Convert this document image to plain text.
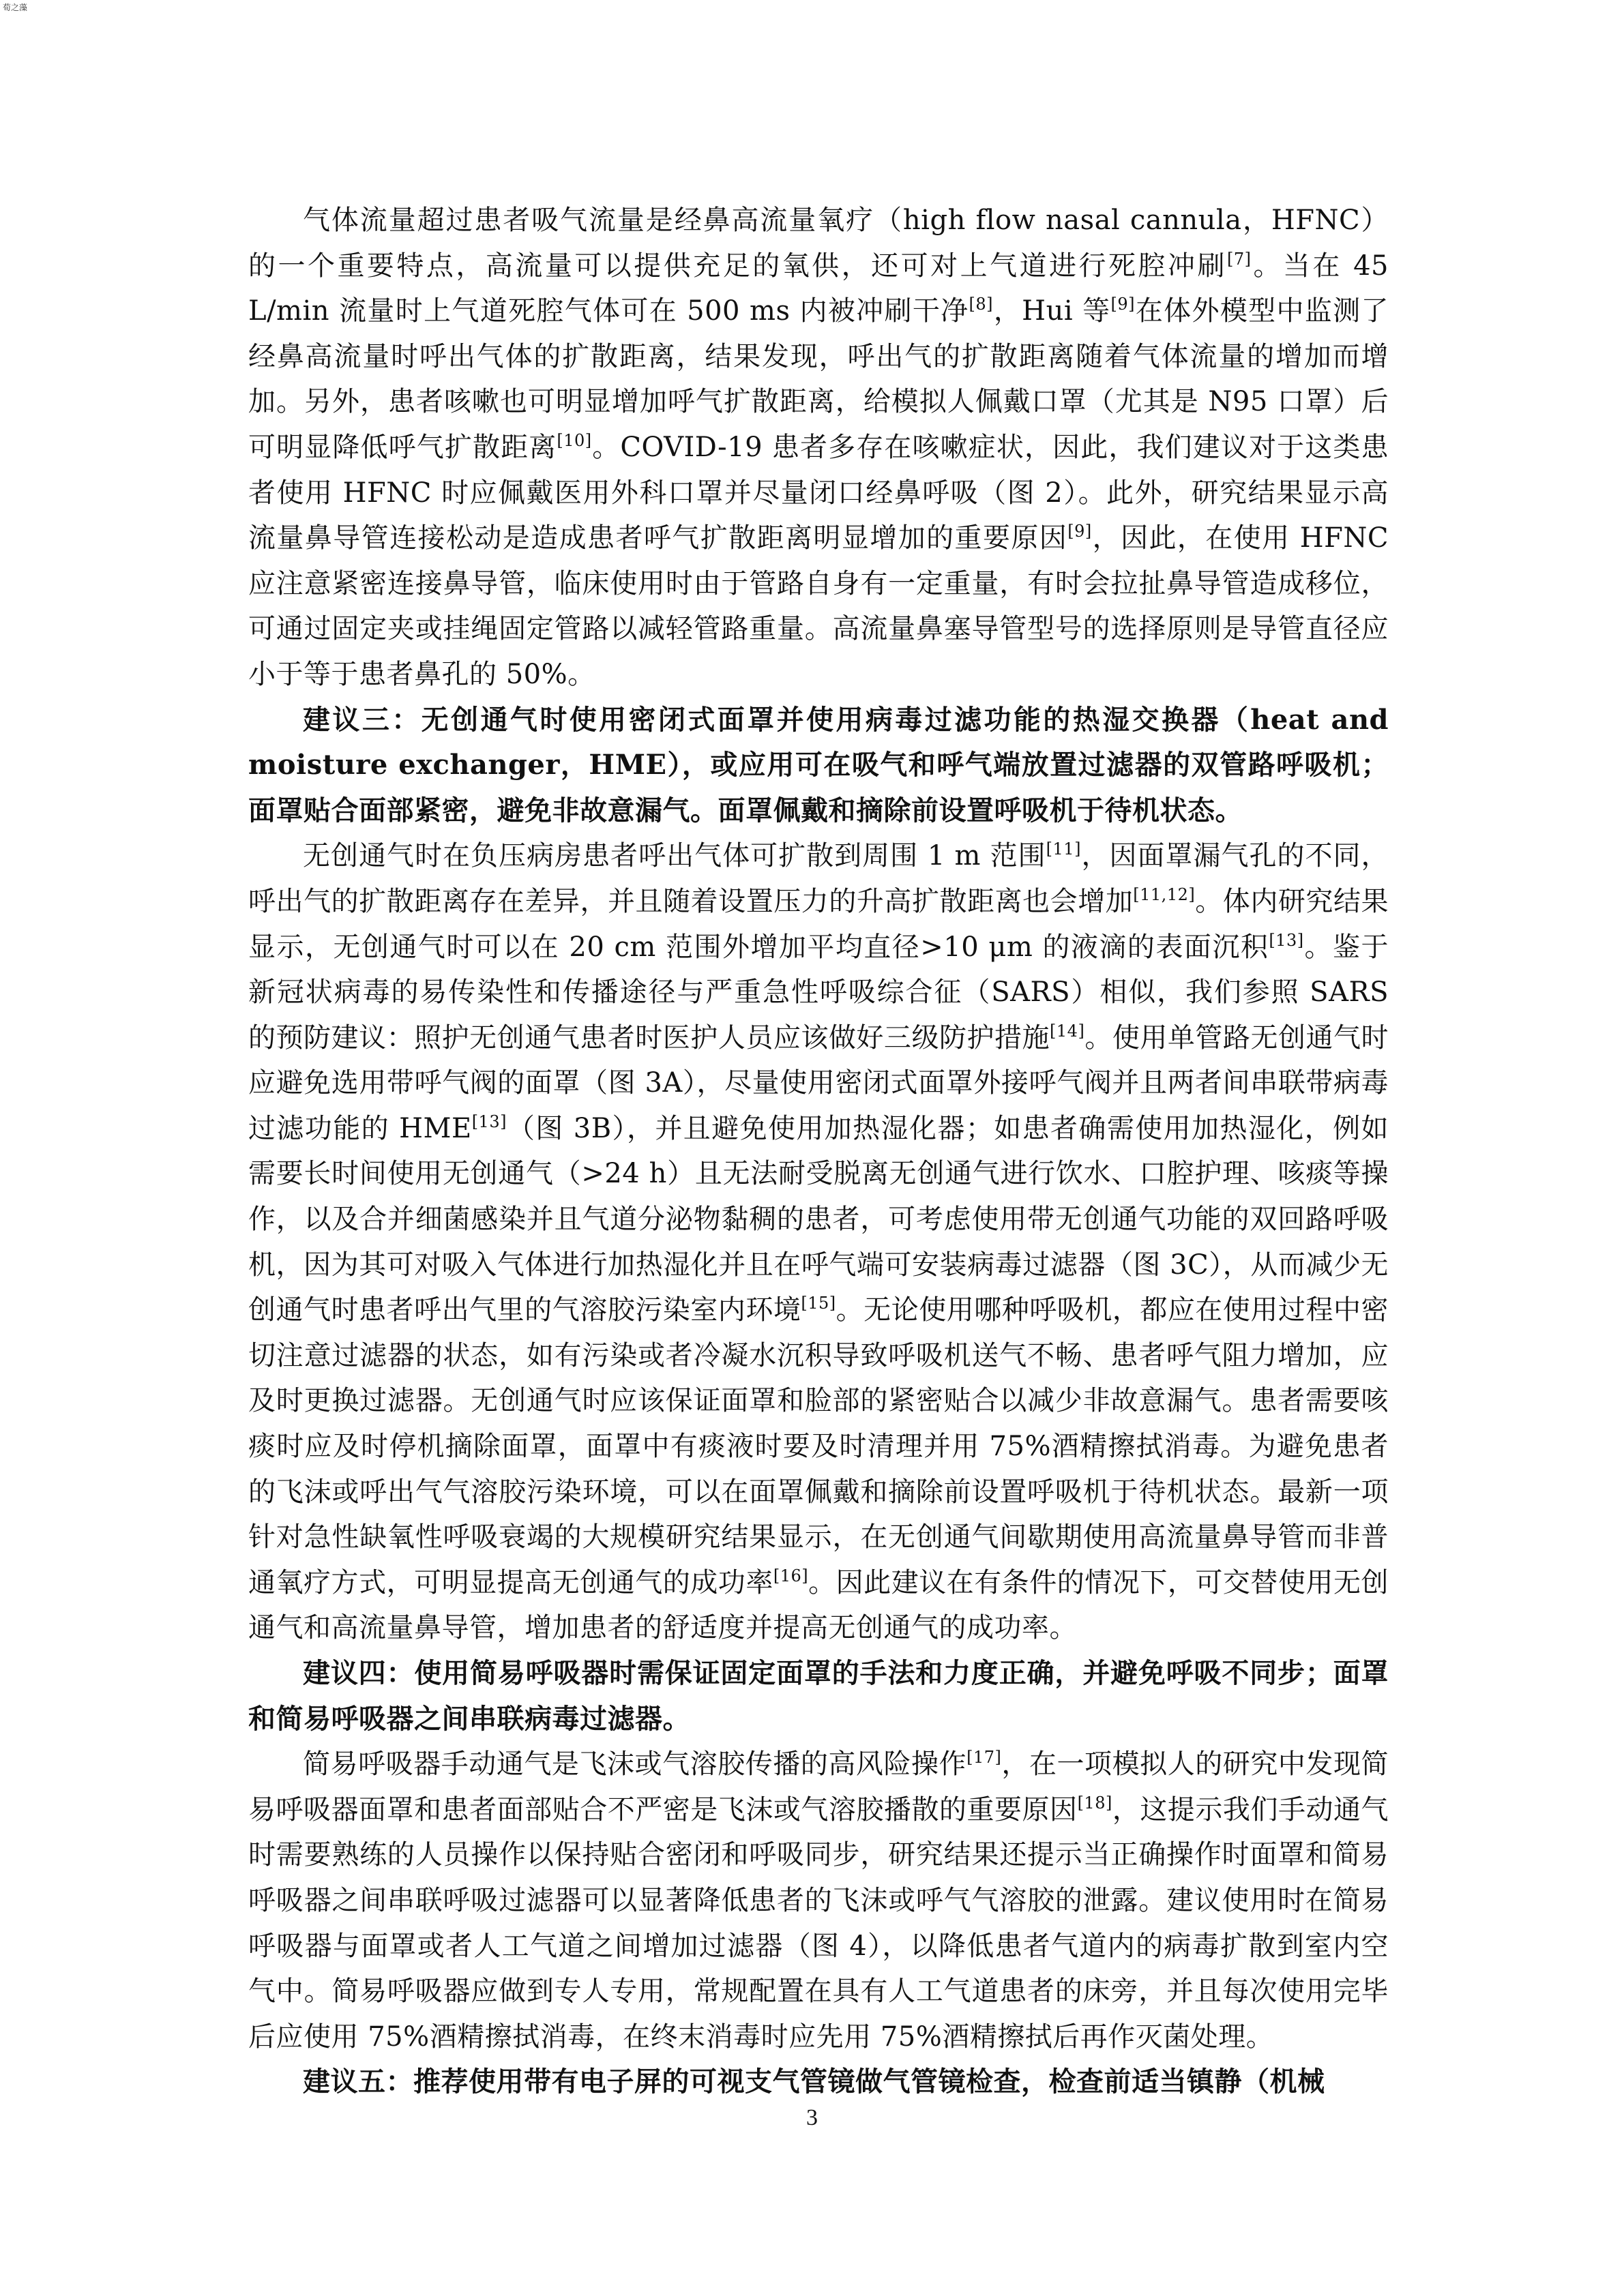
荀之藻

气体流量超过患者吸气流量是经鼻高流量氧疗（high flow nasal cannula，HFNC）的一个重要特点，高流量可以提供充足的氧供，还可对上气道进行死腔冲刷[7]。当在 45 L/min 流量时上气道死腔气体可在 500 ms 内被冲刷干净[8]，Hui 等[9]在体外模型中监测了经鼻高流量时呼出气体的扩散距离，结果发现，呼出气的扩散距离随着气体流量的增加而增加。另外，患者咳嗽也可明显增加呼气扩散距离，给模拟人佩戴口罩（尤其是 N95 口罩）后可明显降低呼气扩散距离[10]。COVID-19 患者多存在咳嗽症状，因此，我们建议对于这类患者使用 HFNC 时应佩戴医用外科口罩并尽量闭口经鼻呼吸（图 2）。此外，研究结果显示高流量鼻导管连接松动是造成患者呼气扩散距离明显增加的重要原因[9]，因此，在使用 HFNC 应注意紧密连接鼻导管，临床使用时由于管路自身有一定重量，有时会拉扯鼻导管造成移位，可通过固定夹或挂绳固定管路以减轻管路重量。高流量鼻塞导管型号的选择原则是导管直径应小于等于患者鼻孔的 50%。

建议三：无创通气时使用密闭式面罩并使用病毒过滤功能的热湿交换器（heat and moisture exchanger，HME），或应用可在吸气和呼气端放置过滤器的双管路呼吸机；面罩贴合面部紧密，避免非故意漏气。面罩佩戴和摘除前设置呼吸机于待机状态。

无创通气时在负压病房患者呼出气体可扩散到周围 1 m 范围[11]，因面罩漏气孔的不同，呼出气的扩散距离存在差异，并且随着设置压力的升高扩散距离也会增加[11,12]。体内研究结果显示，无创通气时可以在 20 cm 范围外增加平均直径>10 μm 的液滴的表面沉积[13]。鉴于新冠状病毒的易传染性和传播途径与严重急性呼吸综合征（SARS）相似，我们参照 SARS 的预防建议：照护无创通气患者时医护人员应该做好三级防护措施[14]。使用单管路无创通气时应避免选用带呼气阀的面罩（图 3A），尽量使用密闭式面罩外接呼气阀并且两者间串联带病毒过滤功能的 HME[13]（图 3B），并且避免使用加热湿化器；如患者确需使用加热湿化，例如需要长时间使用无创通气（>24 h）且无法耐受脱离无创通气进行饮水、口腔护理、咳痰等操作，以及合并细菌感染并且气道分泌物黏稠的患者，可考虑使用带无创通气功能的双回路呼吸机，因为其可对吸入气体进行加热湿化并且在呼气端可安装病毒过滤器（图 3C），从而减少无创通气时患者呼出气里的气溶胶污染室内环境[15]。无论使用哪种呼吸机，都应在使用过程中密切注意过滤器的状态，如有污染或者冷凝水沉积导致呼吸机送气不畅、患者呼气阻力增加，应及时更换过滤器。无创通气时应该保证面罩和脸部的紧密贴合以减少非故意漏气。患者需要咳痰时应及时停机摘除面罩，面罩中有痰液时要及时清理并用 75%酒精擦拭消毒。为避免患者的飞沫或呼出气气溶胶污染环境，可以在面罩佩戴和摘除前设置呼吸机于待机状态。最新一项针对急性缺氧性呼吸衰竭的大规模研究结果显示，在无创通气间歇期使用高流量鼻导管而非普通氧疗方式，可明显提高无创通气的成功率[16]。因此建议在有条件的情况下，可交替使用无创通气和高流量鼻导管，增加患者的舒适度并提高无创通气的成功率。

建议四：使用简易呼吸器时需保证固定面罩的手法和力度正确，并避免呼吸不同步；面罩和简易呼吸器之间串联病毒过滤器。

简易呼吸器手动通气是飞沫或气溶胶传播的高风险操作[17]，在一项模拟人的研究中发现简易呼吸器面罩和患者面部贴合不严密是飞沫或气溶胶播散的重要原因[18]，这提示我们手动通气时需要熟练的人员操作以保持贴合密闭和呼吸同步，研究结果还提示当正确操作时面罩和简易呼吸器之间串联呼吸过滤器可以显著降低患者的飞沫或呼气气溶胶的泄露。建议使用时在简易呼吸器与面罩或者人工气道之间增加过滤器（图 4），以降低患者气道内的病毒扩散到室内空气中。简易呼吸器应做到专人专用，常规配置在具有人工气道患者的床旁，并且每次使用完毕后应使用 75%酒精擦拭消毒，在终末消毒时应先用 75%酒精擦拭后再作灭菌处理。

建议五：推荐使用带有电子屏的可视支气管镜做气管镜检查，检查前适当镇静（机械

3
